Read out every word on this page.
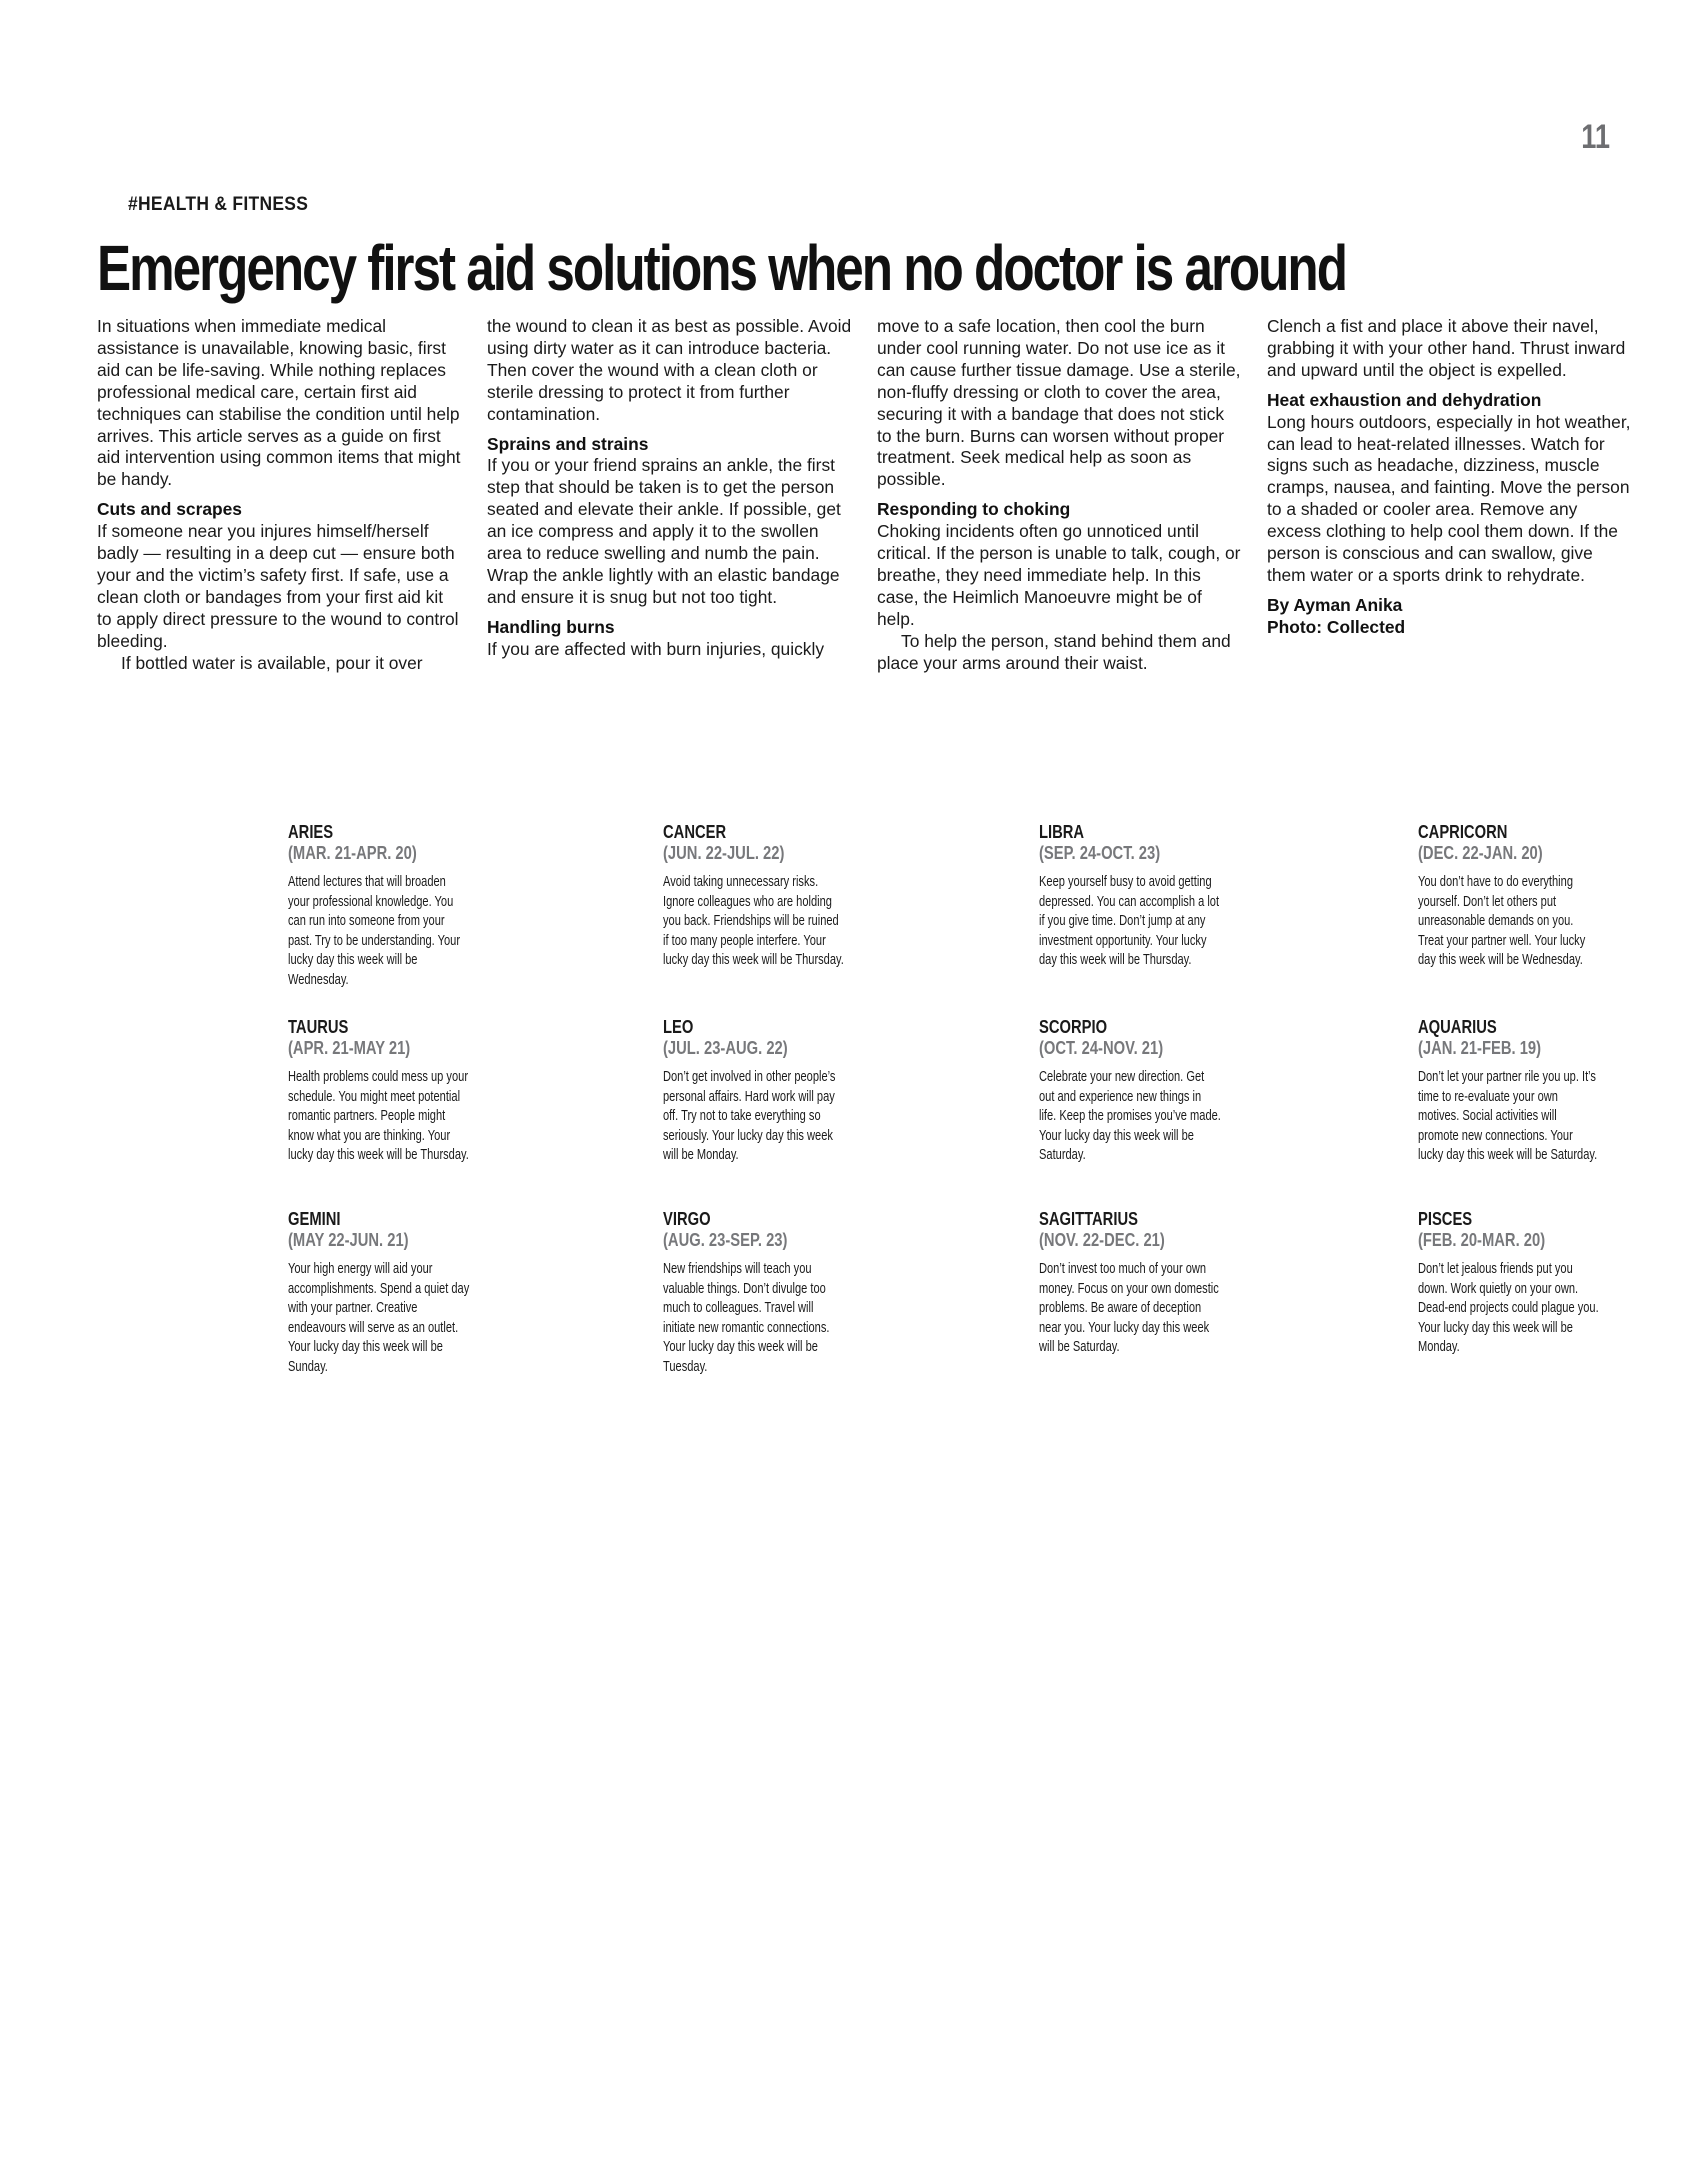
11
#HEALTH & FITNESS
Emergency first aid solutions when no doctor is around

In situations when immediate medical assistance is unavailable, knowing basic, first aid can be life-saving. While nothing replaces professional medical care, certain first aid techniques can stabilise the condition until help arrives. This article serves as a guide on first aid intervention using common items that might be handy.

Cuts and scrapes

If someone near you injures himself/herself badly — resulting in a deep cut — ensure both your and the victim’s safety first. If safe, use a clean cloth or bandages from your first aid kit to apply direct pressure to the wound to control bleeding.

If bottled water is available, pour it over

the wound to clean it as best as possible. Avoid using dirty water as it can introduce bacteria. Then cover the wound with a clean cloth or sterile dressing to protect it from further contamination.

Sprains and strains

If you or your friend sprains an ankle, the first step that should be taken is to get the person seated and elevate their ankle. If possible, get an ice compress and apply it to the swollen area to reduce swelling and numb the pain. Wrap the ankle lightly with an elastic bandage and ensure it is snug but not too tight.

Handling burns

If you are affected with burn injuries, quickly

move to a safe location, then cool the burn under cool running water. Do not use ice as it can cause further tissue damage. Use a sterile, non-fluffy dressing or cloth to cover the area, securing it with a bandage that does not stick to the burn. Burns can worsen without proper treatment. Seek medical help as soon as possible.

Responding to choking

Choking incidents often go unnoticed until critical. If the person is unable to talk, cough, or breathe, they need immediate help. In this case, the Heimlich Manoeuvre might be of help.

To help the person, stand behind them and place your arms around their waist.

Clench a fist and place it above their navel, grabbing it with your other hand. Thrust inward and upward until the object is expelled.

Heat exhaustion and dehydration

Long hours outdoors, especially in hot weather, can lead to heat-related illnesses. Watch for signs such as headache, dizziness, muscle cramps, nausea, and fainting. Move the person to a shaded or cooler area. Remove any excess clothing to help cool them down. If the person is conscious and can swallow, give them water or a sports drink to rehydrate.

By Ayman Anika

Photo: Collected

ARIES
(MAR. 21-APR. 20)
Attend lectures that will broaden your professional knowledge. You can run into someone from your past. Try to be understanding. Your lucky day this week will be Wednesday.
TAURUS
(APR. 21-MAY 21)
Health problems could mess up your schedule. You might meet potential romantic partners. People might know what you are thinking. Your lucky day this week will be Thursday.
GEMINI
(MAY 22-JUN. 21)
Your high energy will aid your accomplishments. Spend a quiet day with your partner. Creative endeavours will serve as an outlet. Your lucky day this week will be Sunday.
CANCER
(JUN. 22-JUL. 22)
Avoid taking unnecessary risks. Ignore colleagues who are holding you back. Friendships will be ruined if too many people interfere. Your lucky day this week will be Thursday.
LEO
(JUL. 23-AUG. 22)
Don’t get involved in other people’s personal affairs. Hard work will pay off. Try not to take everything so seriously. Your lucky day this week will be Monday.
VIRGO
(AUG. 23-SEP. 23)
New friendships will teach you valuable things. Don’t divulge too much to colleagues. Travel will initiate new romantic connections. Your lucky day this week will be Tuesday.
LIBRA
(SEP. 24-OCT. 23)
Keep yourself busy to avoid getting depressed. You can accomplish a lot if you give time. Don’t jump at any investment opportunity. Your lucky day this week will be Thursday.
SCORPIO
(OCT. 24-NOV. 21)
Celebrate your new direction. Get out and experience new things in life. Keep the promises you’ve made. Your lucky day this week will be Saturday.
SAGITTARIUS
(NOV. 22-DEC. 21)
Don’t invest too much of your own money. Focus on your own domestic problems. Be aware of deception near you. Your lucky day this week will be Saturday.
CAPRICORN
(DEC. 22-JAN. 20)
You don’t have to do everything yourself. Don’t let others put unreasonable demands on you. Treat your partner well. Your lucky day this week will be Wednesday.
AQUARIUS
(JAN. 21-FEB. 19)
Don’t let your partner rile you up. It’s time to re-evaluate your own motives. Social activities will promote new connections. Your lucky day this week will be Saturday.
PISCES
(FEB. 20-MAR. 20)
Don’t let jealous friends put you down. Work quietly on your own. Dead-end projects could plague you. Your lucky day this week will be Monday.
